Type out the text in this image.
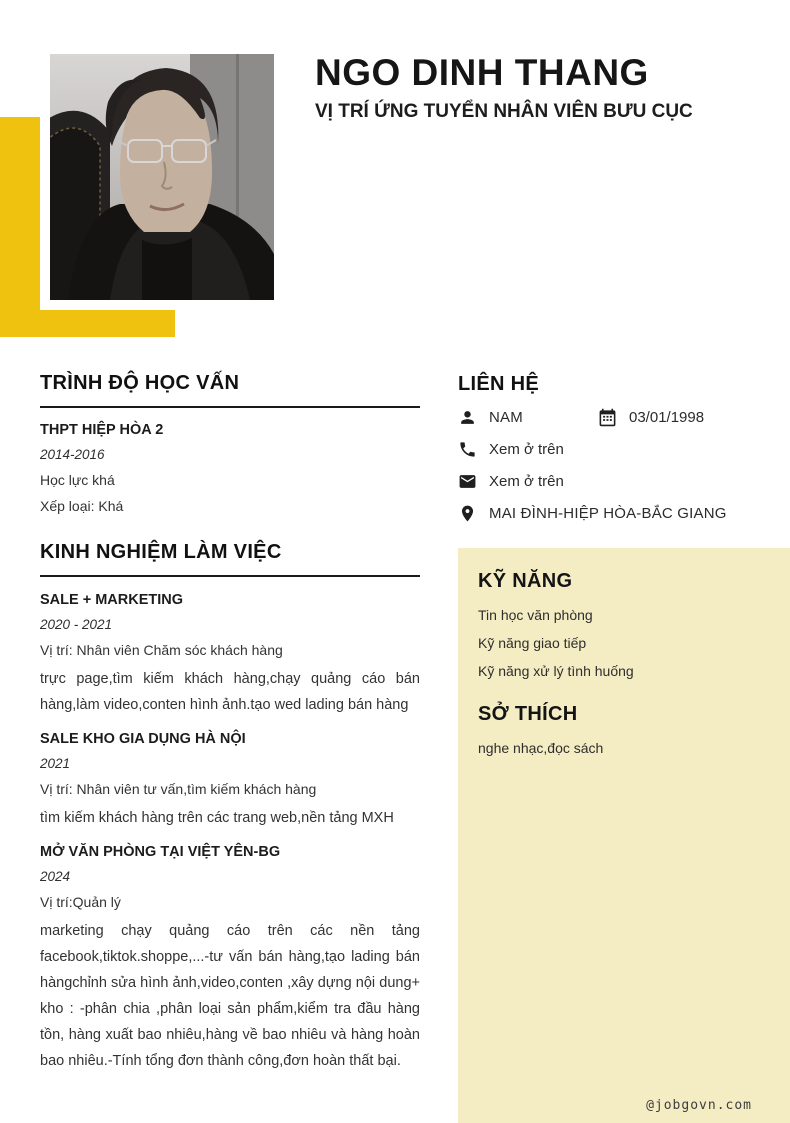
NGO DINH THANG
VỊ TRÍ ỨNG TUYỂN NHÂN VIÊN BƯU CỤC
TRÌNH ĐỘ HỌC VẤN
THPT HIỆP HÒA 2
2014-2016
Học lực khá
Xếp loại: Khá
KINH NGHIỆM LÀM VIỆC
SALE + MARKETING
2020 - 2021
Vị trí: Nhân viên Chăm sóc khách hàng
trực page,tìm kiếm khách hàng,chạy quảng cáo bán hàng,làm video,conten hình ảnh.tạo wed lading bán hàng
SALE KHO GIA DỤNG HÀ NỘI
2021
Vị trí: Nhân viên tư vấn,tìm kiếm khách hàng
tìm kiếm khách hàng trên các trang web,nền tảng MXH
MỞ VĂN PHÒNG TẠI VIỆT YÊN-BG
2024
Vị trí:Quản lý
marketing chạy quảng cáo trên các nền tảng facebook,tiktok.shoppe,...-tư vấn bán hàng,tạo lading bán hàngchỉnh sửa hình ảnh,video,conten ,xây dựng nội dung+ kho : -phân chia ,phân loại sản phẩm,kiểm tra đầu hàng tồn, hàng xuất bao nhiêu,hàng về bao nhiêu và hàng hoàn bao nhiêu.-Tính tổng đơn thành công,đơn hoàn thất bại.
LIÊN HỆ
NAM	03/01/1998
Xem ở trên
Xem ở trên
MAI ĐÌNH-HIỆP HÒA-BẮC GIANG
KỸ NĂNG
Tin học văn phòng
Kỹ năng giao tiếp
Kỹ năng xử lý tình huống
SỞ THÍCH
nghe nhạc,đọc sách
@jobgovn.com
